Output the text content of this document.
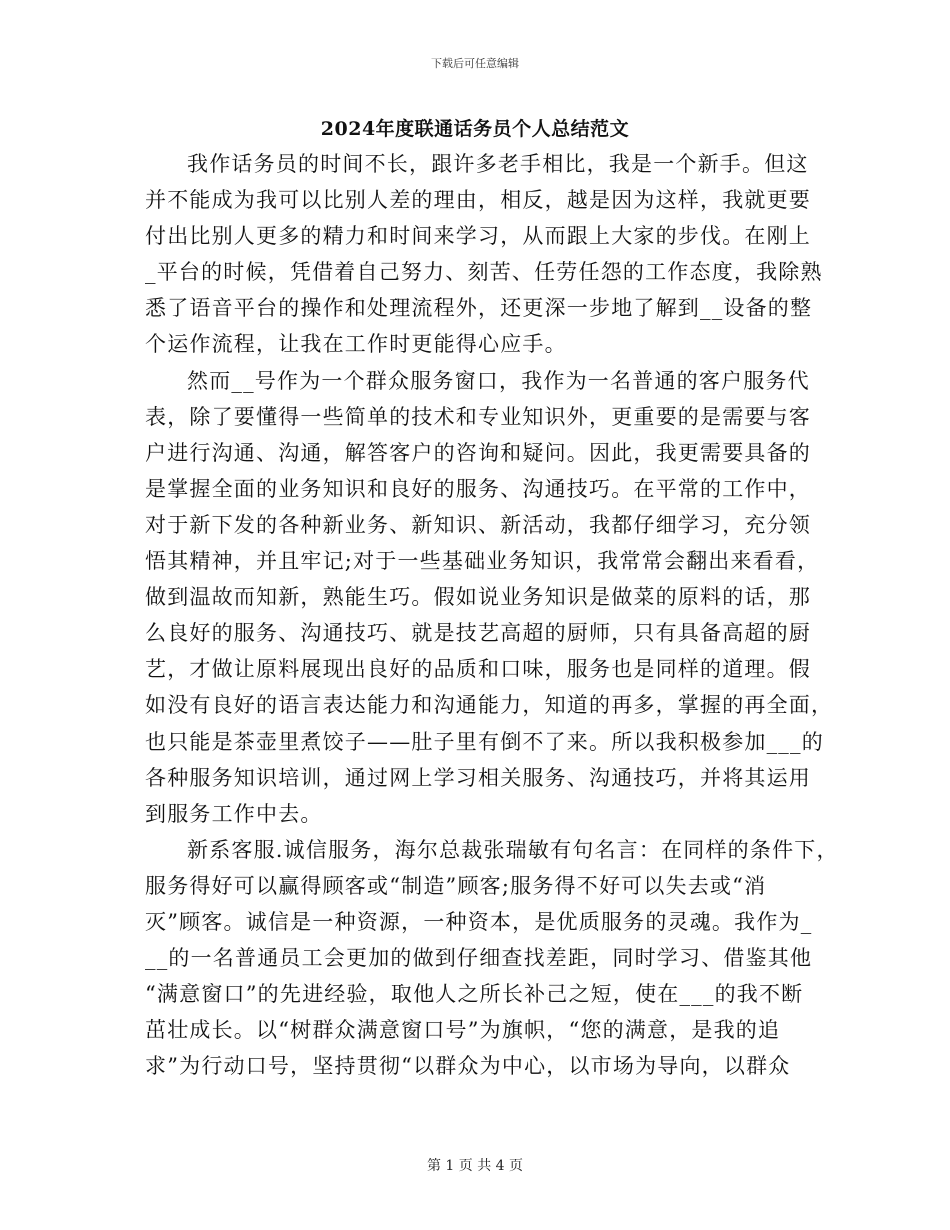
下载后可任意编辑
2024年度联通话务员个人总结范文
我作话务员的时间不长，跟许多老手相比，我是一个新手。但这
并不能成为我可以比别人差的理由，相反，越是因为这样，我就更要
付出比别人更多的精力和时间来学习，从而跟上大家的步伐。在刚上
_平台的时候，凭借着自己努力、刻苦、任劳任怨的工作态度，我除熟
悉了语音平台的操作和处理流程外，还更深一步地了解到__设备的整
个运作流程，让我在工作时更能得心应手。
然而__号作为一个群众服务窗口，我作为一名普通的客户服务代
表，除了要懂得一些简单的技术和专业知识外，更重要的是需要与客
户进行沟通、沟通，解答客户的咨询和疑问。因此，我更需要具备的
是掌握全面的业务知识和良好的服务、沟通技巧。在平常的工作中，
对于新下发的各种新业务、新知识、新活动，我都仔细学习，充分领
悟其精神，并且牢记;对于一些基础业务知识，我常常会翻出来看看，
做到温故而知新，熟能生巧。假如说业务知识是做菜的原料的话，那
么良好的服务、沟通技巧、就是技艺高超的厨师，只有具备高超的厨
艺，才做让原料展现出良好的品质和口味，服务也是同样的道理。假
如没有良好的语言表达能力和沟通能力，知道的再多，掌握的再全面，
也只能是茶壶里煮饺子——肚子里有倒不了来。所以我积极参加___的
各种服务知识培训，通过网上学习相关服务、沟通技巧，并将其运用
到服务工作中去。
新系客服.诚信服务，海尔总裁张瑞敏有句名言：在同样的条件下，
服务得好可以赢得顾客或“制造”顾客;服务得不好可以失去或“消
灭”顾客。诚信是一种资源，一种资本，是优质服务的灵魂。我作为_
__的一名普通员工会更加的做到仔细查找差距，同时学习、借鉴其他
“满意窗口”的先进经验，取他人之所长补己之短，使在___的我不断
茁壮成长。以“树群众满意窗口号”为旗帜，“您的满意，是我的追
求”为行动口号，坚持贯彻“以群众为中心，以市场为导向，以群众
第 1 页 共 4 页
